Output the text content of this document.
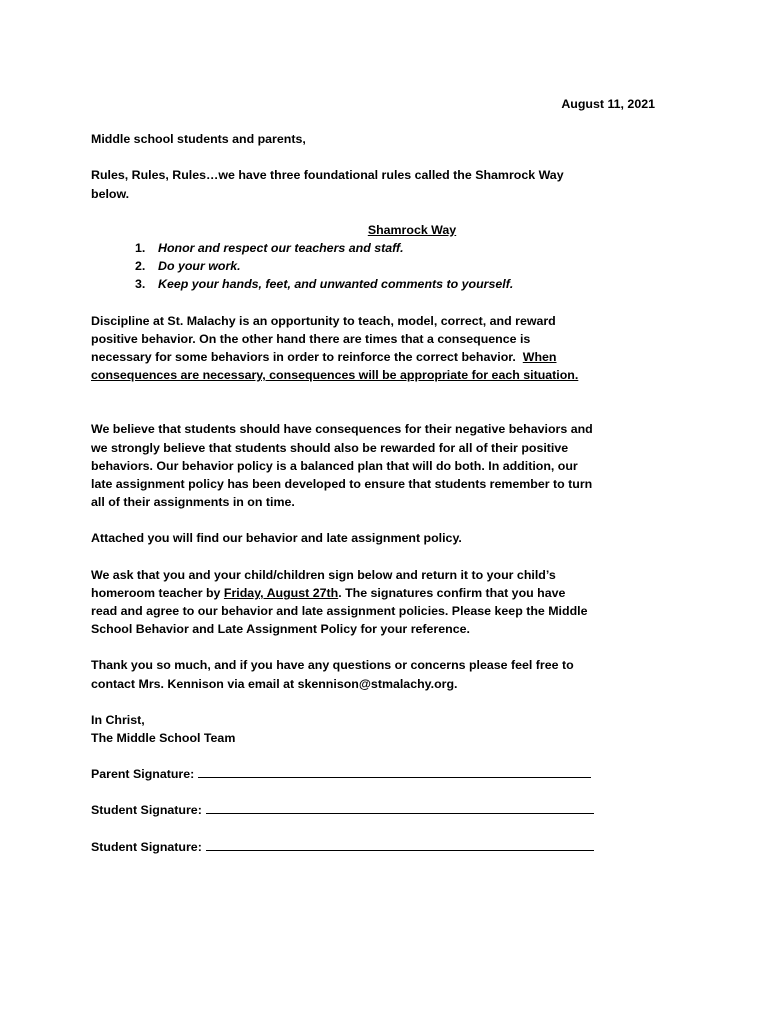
August 11, 2021

Middle school students and parents,

Rules, Rules, Rules…we have three foundational rules called the Shamrock Way

below.

Shamrock Way

1. Honor and respect our teachers and staff.
2. Do your work.
3. Keep your hands, feet, and unwanted comments to yourself.

Discipline at St. Malachy is an opportunity to teach, model, correct, and reward

positive behavior. On the other hand there are times that a consequence is

necessary for some behaviors in order to reinforce the correct behavior.  When

consequences are necessary, consequences will be appropriate for each situation.

We believe that students should have consequences for their negative behaviors and

we strongly believe that students should also be rewarded for all of their positive

behaviors. Our behavior policy is a balanced plan that will do both. In addition, our

late assignment policy has been developed to ensure that students remember to turn

all of their assignments in on time.

Attached you will find our behavior and late assignment policy.

We ask that you and your child/children sign below and return it to your child’s

homeroom teacher by Friday, August 27th. The signatures confirm that you have

read and agree to our behavior and late assignment policies. Please keep the Middle

School Behavior and Late Assignment Policy for your reference.

Thank you so much, and if you have any questions or concerns please feel free to

contact Mrs. Kennison via email at skennison@stmalachy.org.

In Christ,

The Middle School Team

Parent Signature:

Student Signature:

Student Signature:
